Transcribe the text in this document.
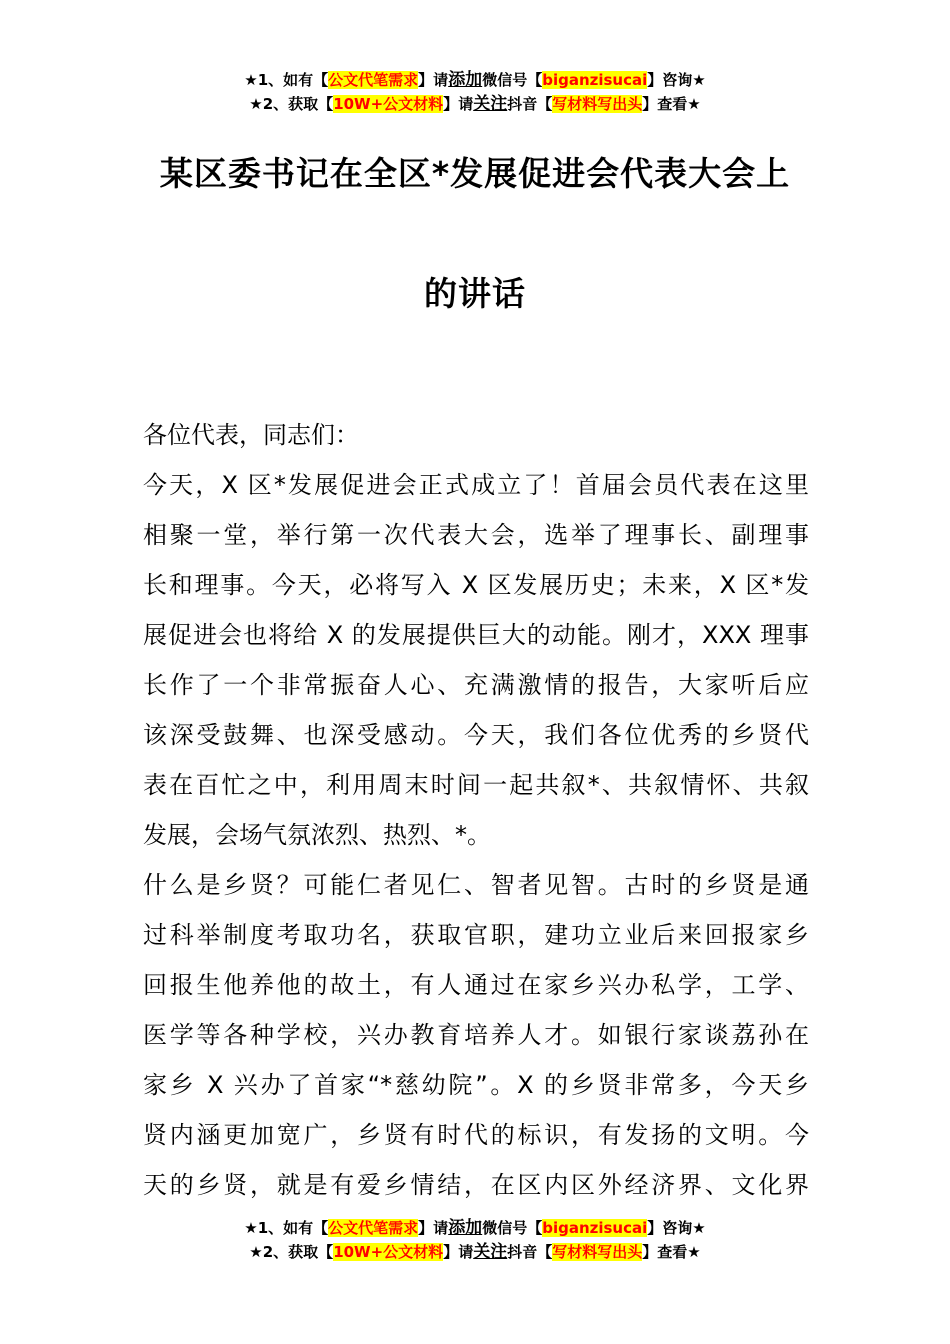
★1、如有【公文代笔需求】请添加微信号【biganzisucai】咨询★
★2、获取【10W+公文材料】请关注抖音【写材料写出头】查看★
某区委书记在全区*发展促进会代表大会上
的讲话
各位代表，同志们：
今天，X 区*发展促进会正式成立了！首届会员代表在这里
相聚一堂，举行第一次代表大会，选举了理事长、副理事
长和理事。今天，必将写入 X 区发展历史；未来，X 区*发
展促进会也将给 X 的发展提供巨大的动能。刚才，XXX 理事
长作了一个非常振奋人心、充满激情的报告，大家听后应
该深受鼓舞、也深受感动。今天，我们各位优秀的乡贤代
表在百忙之中，利用周末时间一起共叙*、共叙情怀、共叙
发展，会场气氛浓烈、热烈、*。
什么是乡贤？可能仁者见仁、智者见智。古时的乡贤是通
过科举制度考取功名，获取官职，建功立业后来回报家乡
回报生他养他的故土，有人通过在家乡兴办私学，工学、
医学等各种学校，兴办教育培养人才。如银行家谈荔孙在
家乡 X 兴办了首家“*慈幼院”。X 的乡贤非常多，今天乡
贤内涵更加宽广，乡贤有时代的标识，有发扬的文明。今
天的乡贤，就是有爱乡情结，在区内区外经济界、文化界
★1、如有【公文代笔需求】请添加微信号【biganzisucai】咨询★
★2、获取【10W+公文材料】请关注抖音【写材料写出头】查看★
